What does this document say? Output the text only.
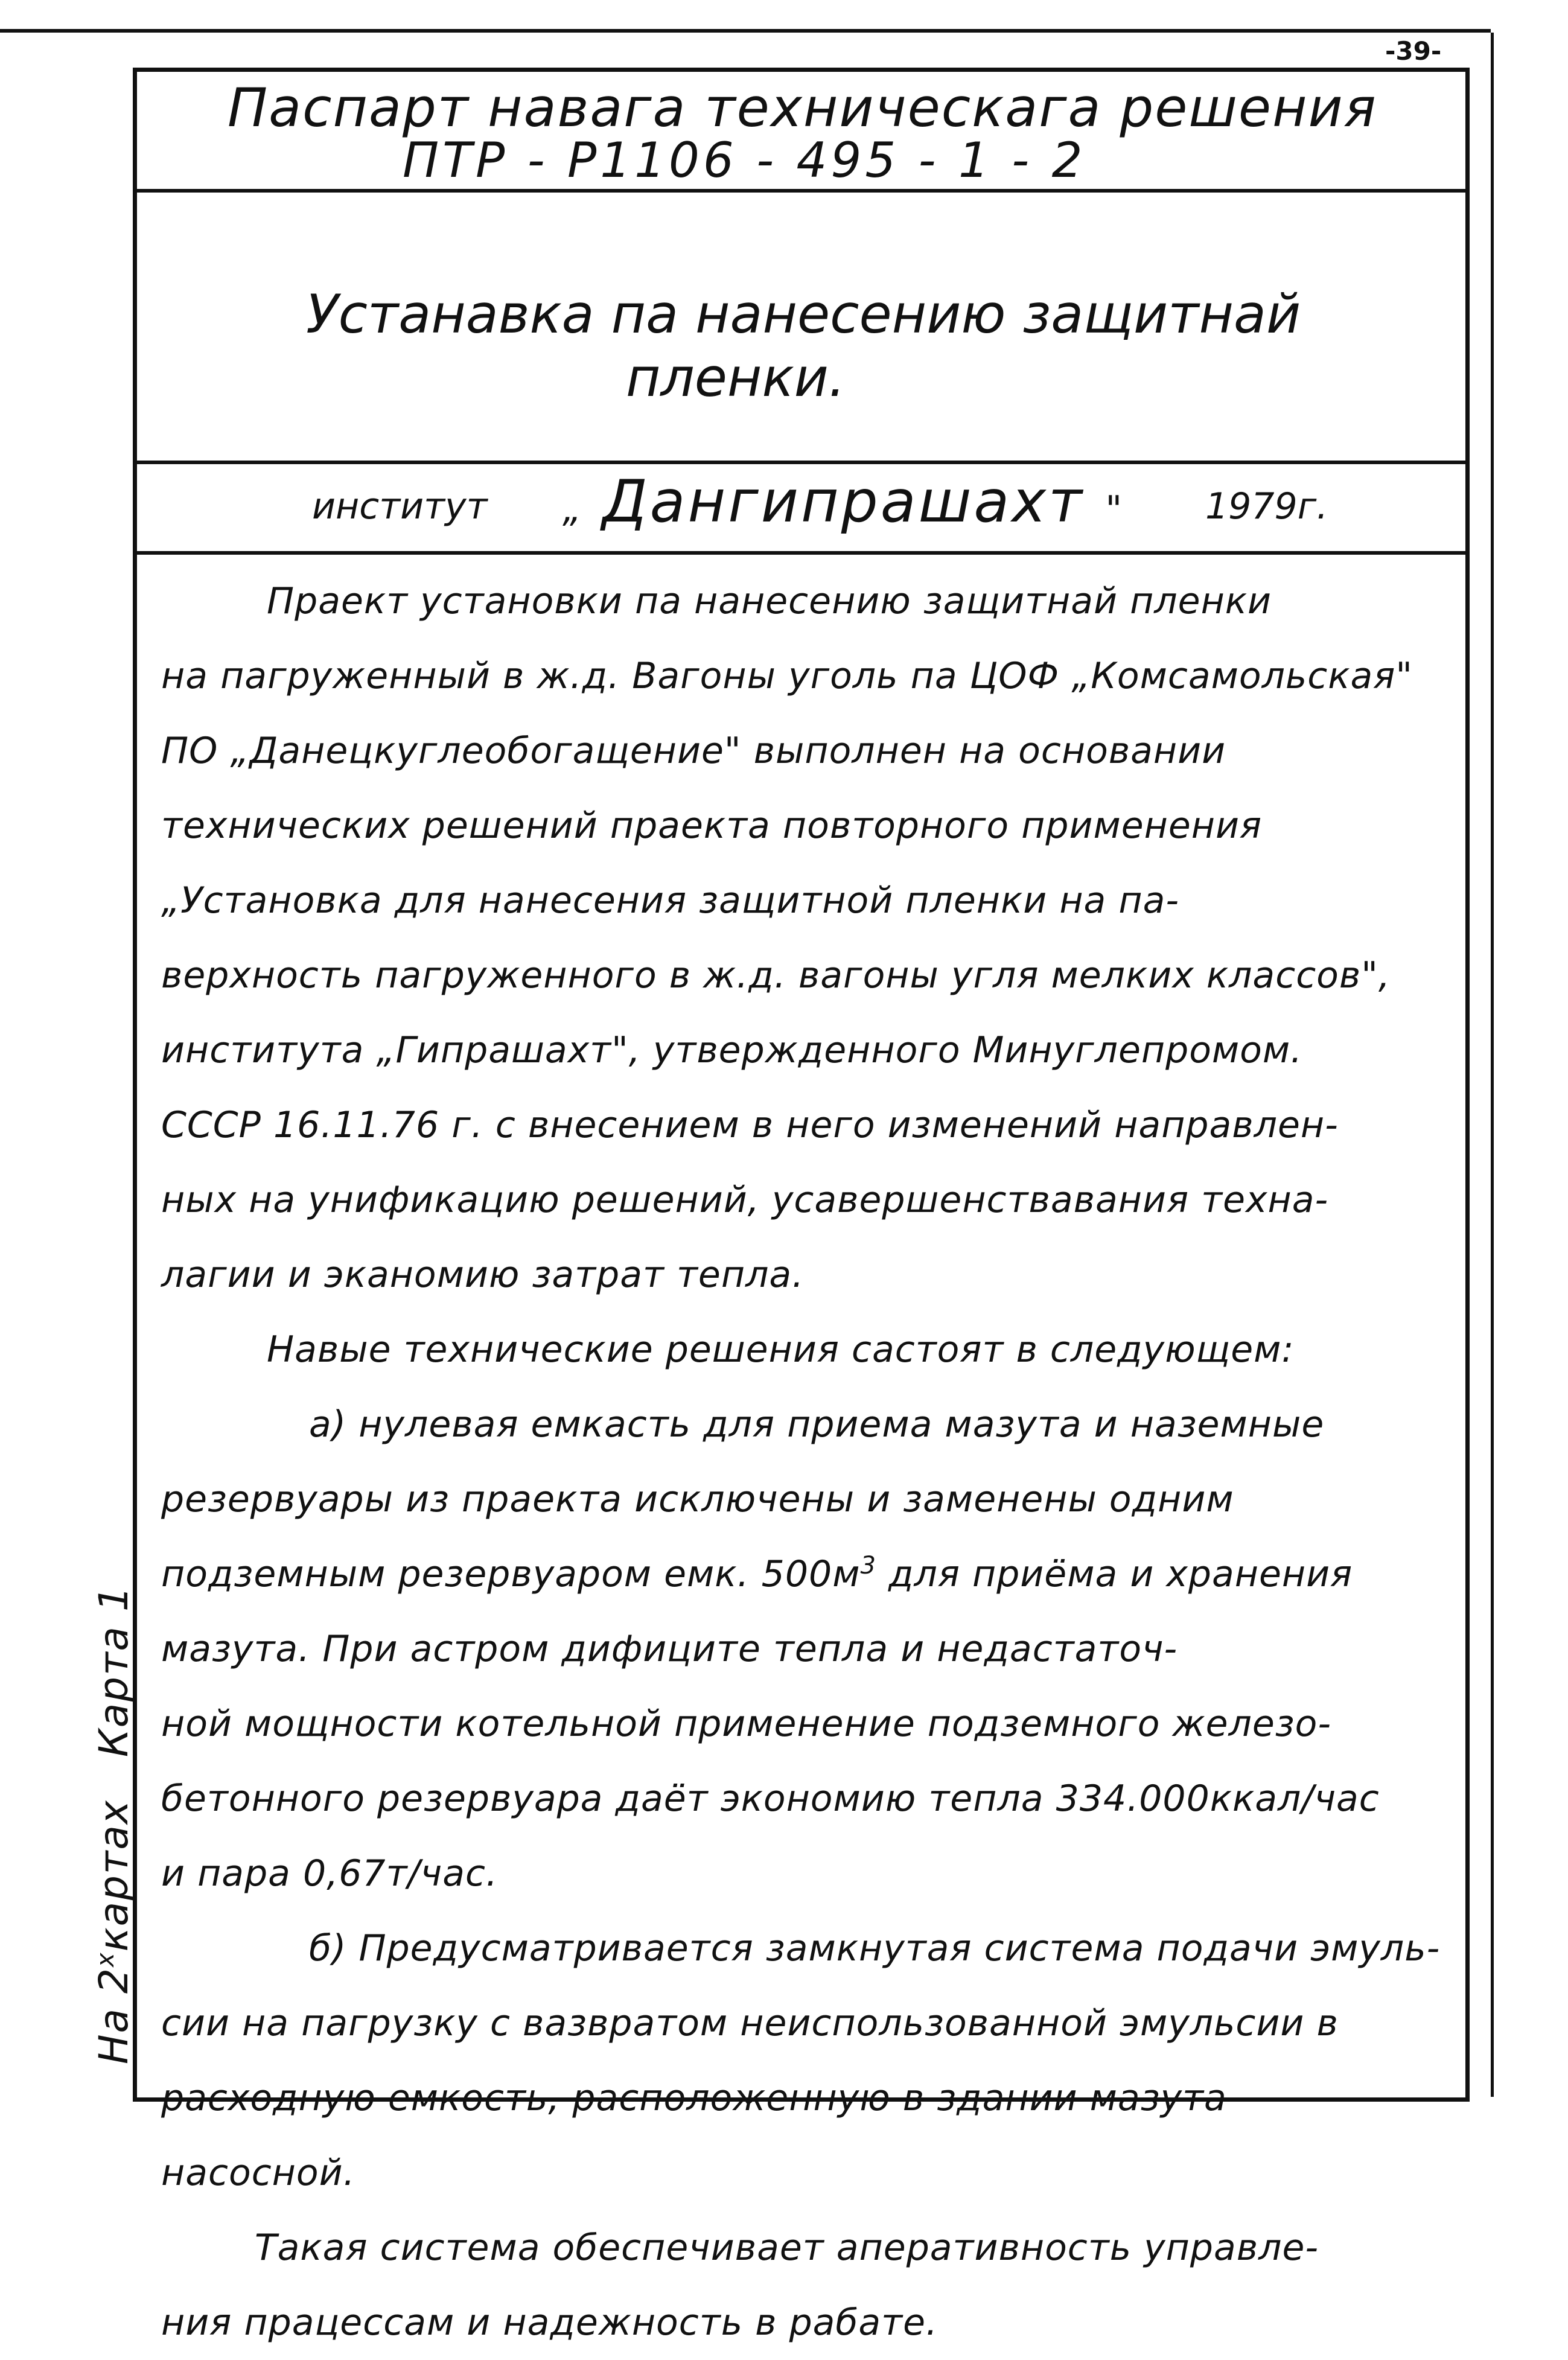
-39-
Паспарт навага техническага решения
ПТР - Р1106 - 495 - 1 - 2
Устанавка па нанесению защитнай
пленки.
институт „ Дангипрашахт " 1979г.
Праект установки па нанесению защитнай пленки
на пагруженный в ж.д. Вагоны уголь па ЦОФ „Комсамольская"
ПО „Данецкуглеобогащение" выполнен на основании
технических решений праекта повторного применения
„Установка для нанесения защитной пленки на па-
верхность пагруженного в ж.д. вагоны угля мелких классов",
института „Гипрашахт", утвержденного Минуглепромом.
СССР 16.11.76 г. с внесением в него изменений направлен-
ных на унификацию решений, усавершенствавания техна-
лагии и эканомию затрат тепла.
Навые технические решения састоят в следующем:
а) нулевая емкасть для приема мазута и наземные
резервуары из праекта исключены и заменены одним
подземным резервуаром емк. $500м^3$ для приёма и хранения
мазута. При астром дифиците тепла и недастаточ-
ной мощности котельной применение подземного железо-
бетонного резервуара даёт экономию тепла 334.000ккал/час
и пара 0,67т/час.
б) Предусматривается замкнутая система подачи эмуль-
сии на пагрузку с вазвратом неиспользованной эмульсии в
расходную емкость, расположенную в здании мазута-
насосной.
Такая система обеспечивает аперативность управле-
ния працессам и надежность в рабате.
На $2^хкартахКарта$ 1
